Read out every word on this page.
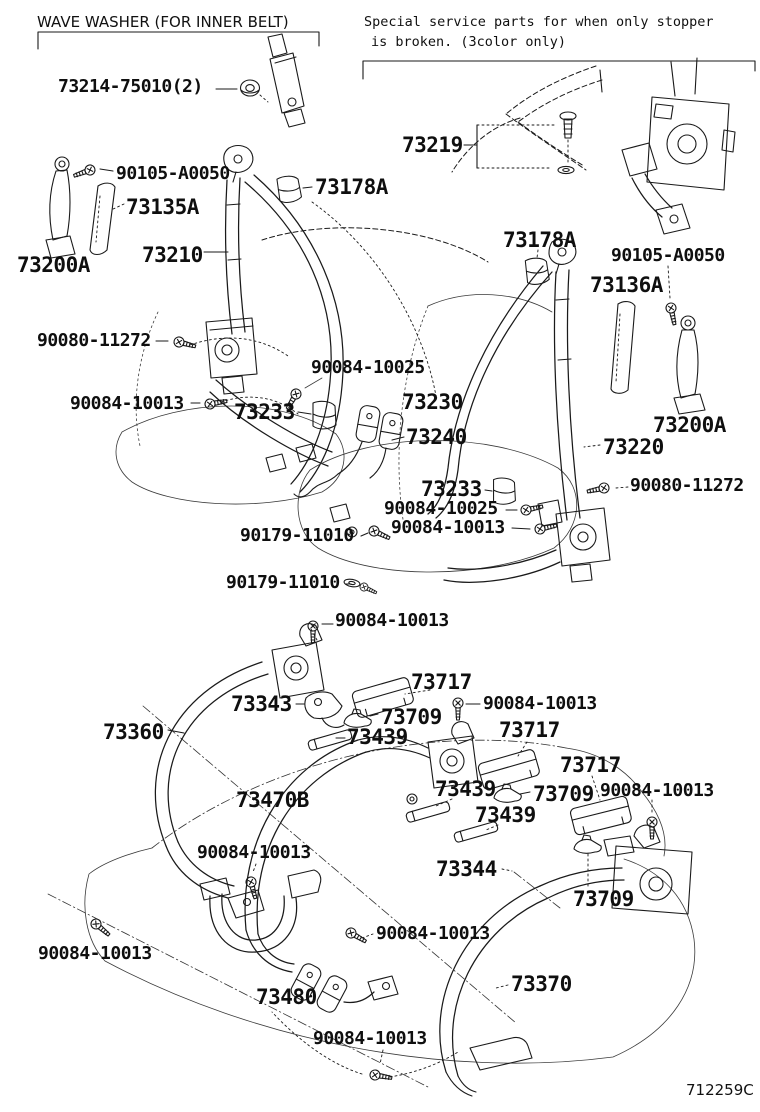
WAVE WASHER (FOR INNER BELT)	Special service parts for when only stopper
is broken. (3color only)
73214-75010(2)
73219
90105-A0050
73135A
73200A 73210
73178A
90080-11272
90084-10013 73233
90084-10025
73230
73240
73178A
90105-A0050
73136A
73200A
73220
90080-11272
73233
90084-10025
90084-10013
90179-11010
90179-11010
90084-10013
73360
73343
73717
73709
90084-10013
73439	73717
73717
73439 73709 90084-10013
73439
73470B
90084-10013
73344
73709
90084-10013
90084-10013
73480
73370
90084-10013
712259C
